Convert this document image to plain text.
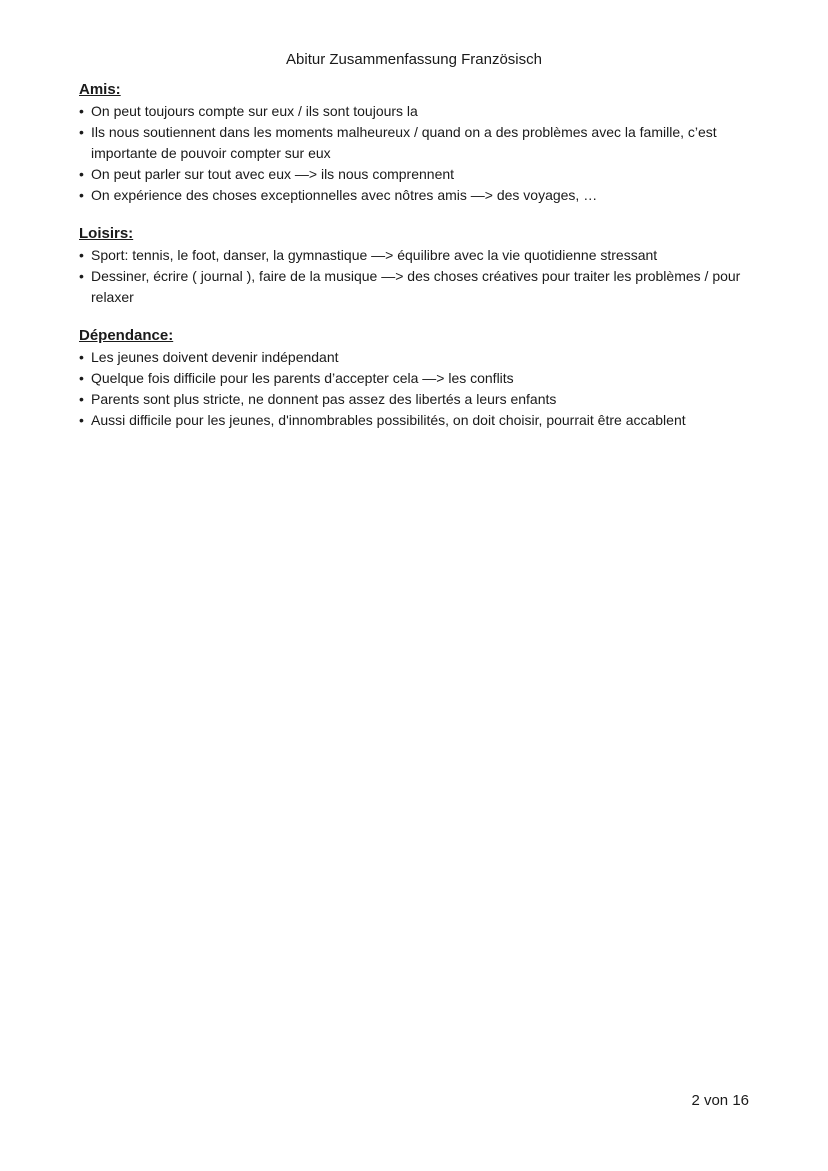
Abitur Zusammenfassung Französisch
Amis:
• On peut toujours compte sur eux / ils sont toujours la
• Ils nous soutiennent dans les moments malheureux / quand on a des problèmes avec la famille, c’est importante de pouvoir compter sur eux
• On peut parler sur tout avec eux —> ils nous comprennent
• On expérience des choses exceptionnelles avec nôtres amis —> des voyages, …
Loisirs:
• Sport: tennis, le foot, danser, la gymnastique —> équilibre avec la vie quotidienne stressant
• Dessiner, écrire ( journal ), faire de la musique —> des choses créatives pour traiter les problèmes / pour relaxer
Dépendance:
• Les jeunes doivent devenir indépendant
• Quelque fois difficile pour les parents d’accepter cela —> les conflits
• Parents sont plus stricte, ne donnent pas assez des libertés a leurs enfants
• Aussi difficile pour les jeunes, d'innombrables possibilités, on doit choisir, pourrait être accablent
2 von 16
